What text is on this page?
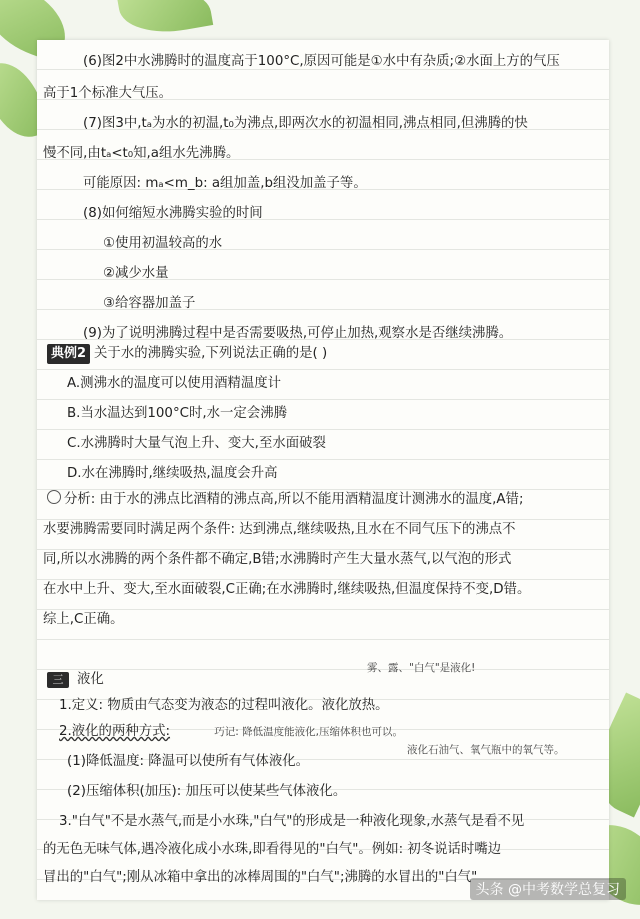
(6)图2中水沸腾时的温度高于100°C,原因可能是①水中有杂质;②水面上方的气压
高于1个标准大气压。
(7)图3中,tₐ为水的初温,t₀为沸点,即两次水的初温相同,沸点相同,但沸腾的快
慢不同,由tₐ<t₀知,a组水先沸腾。
可能原因: mₐ<m_b: a组加盖,b组没加盖子等。
(8)如何缩短水沸腾实验的时间
①使用初温较高的水
②减少水量
③给容器加盖子
(9)为了说明沸腾过程中是否需要吸热,可停止加热,观察水是否继续沸腾。
典例2 关于水的沸腾实验,下列说法正确的是( )
A.测沸水的温度可以使用酒精温度计
B.当水温达到100°C时,水一定会沸腾
C.水沸腾时大量气泡上升、变大,至水面破裂
D.水在沸腾时,继续吸热,温度会升高
分析: 由于水的沸点比酒精的沸点高,所以不能用酒精温度计测沸水的温度,A错;
水要沸腾需要同时满足两个条件: 达到沸点,继续吸热,且水在不同气压下的沸点不
同,所以水沸腾的两个条件都不确定,B错;水沸腾时产生大量水蒸气,以气泡的形式
在水中上升、变大,至水面破裂,C正确;在水沸腾时,继续吸热,但温度保持不变,D错。
综上,C正确。
雾、露、"白气"是液化!
三 液化
1.定义: 物质由气态变为液态的过程叫液化。液化放热。
2.液化的两种方式:	巧记: 降低温度能液化,压缩体积也可以。
液化石油气、氧气瓶中的氧气等。
(1)降低温度: 降温可以使所有气体液化。
(2)压缩体积(加压): 加压可以使某些气体液化。
3."白气"不是水蒸气,而是小水珠,"白气"的形成是一种液化现象,水蒸气是看不见
的无色无味气体,遇冷液化成小水珠,即看得见的"白气"。例如: 初冬说话时嘴边
冒出的"白气";刚从冰箱中拿出的冰棒周围的"白气";沸腾的水冒出的"白气"
头条 @中考数学总复习
